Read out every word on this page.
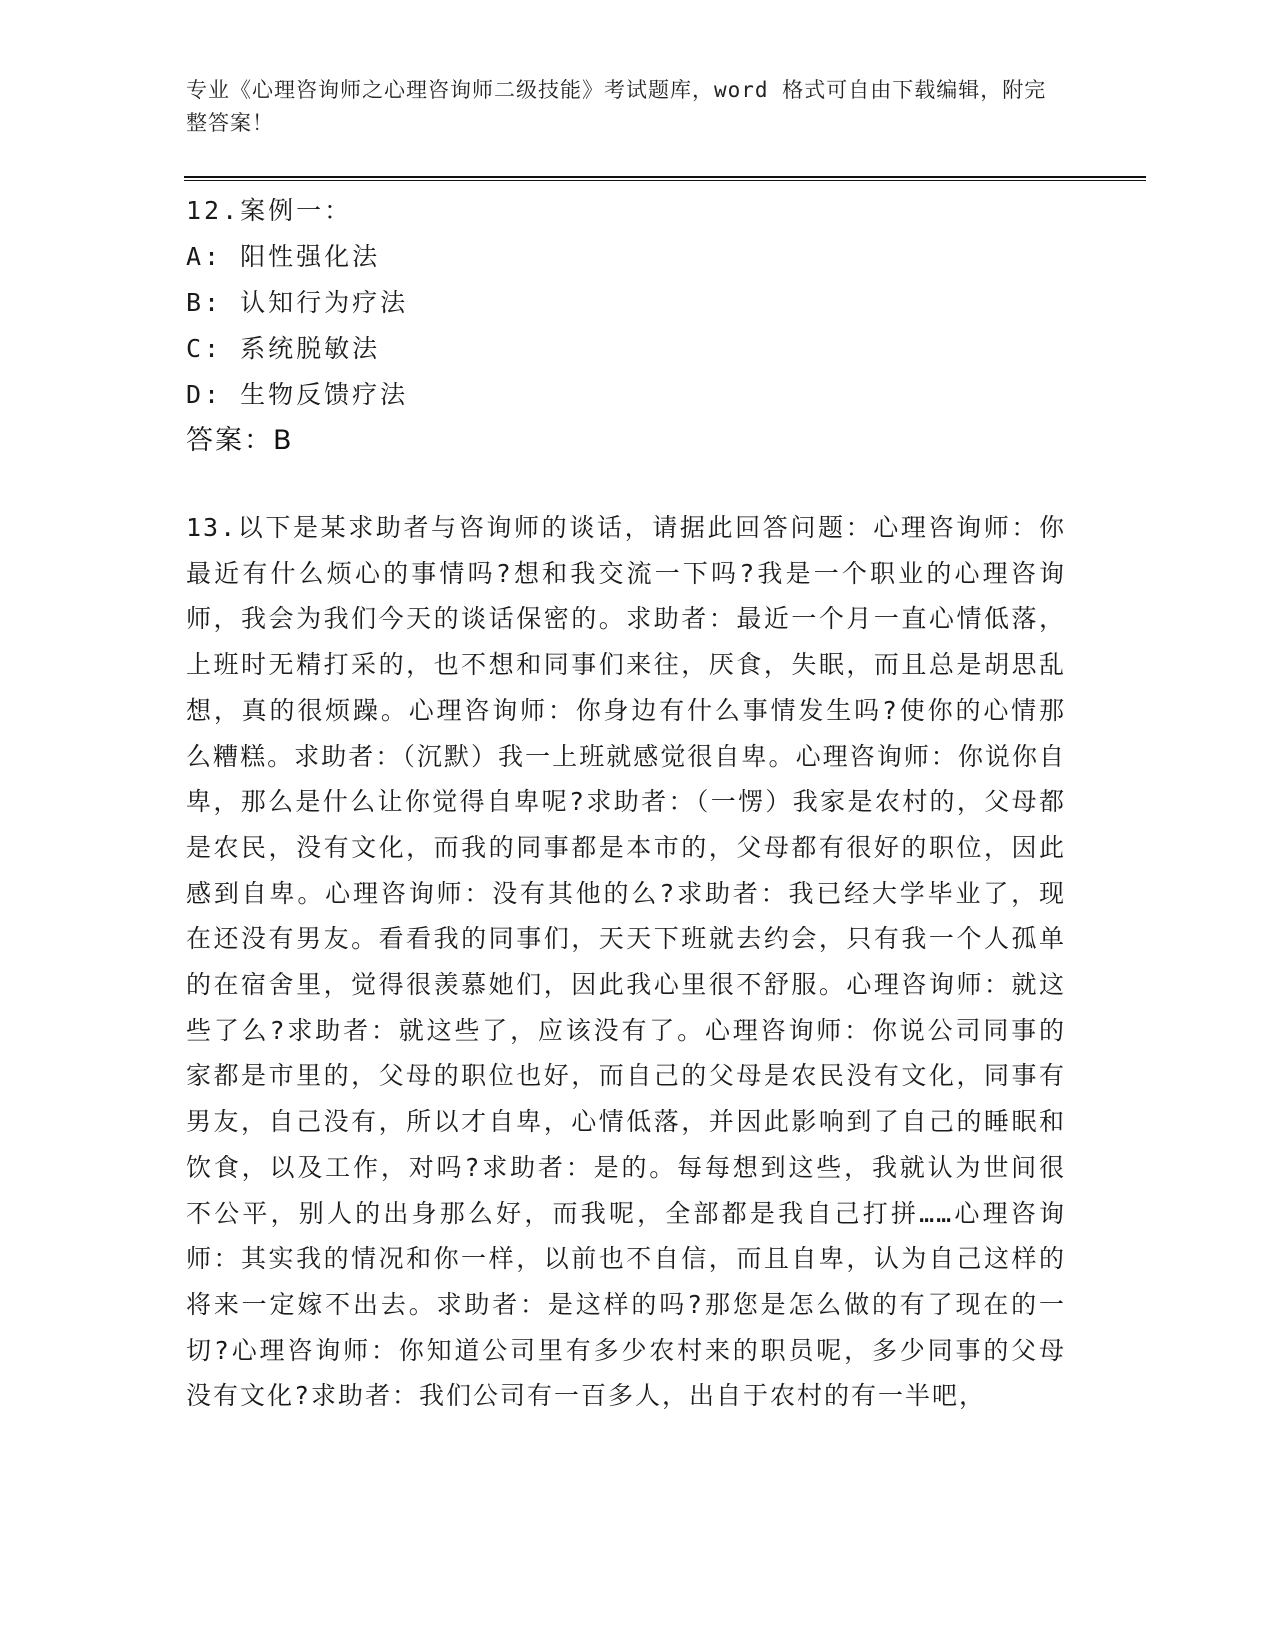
专业《心理咨询师之心理咨询师二级技能》考试题库，word 格式可自由下载编辑，附完整答案！
12.案例一：
A: 阳性强化法
B: 认知行为疗法
C: 系统脱敏法
D: 生物反馈疗法
答案：B

13.以下是某求助者与咨询师的谈话，请据此回答问题：心理咨询师：你最近有什么烦心的事情吗?想和我交流一下吗?我是一个职业的心理咨询师，我会为我们今天的谈话保密的。求助者：最近一个月一直心情低落，上班时无精打采的，也不想和同事们来往，厌食，失眠，而且总是胡思乱想，真的很烦躁。心理咨询师：你身边有什么事情发生吗?使你的心情那么糟糕。求助者：（沉默）我一上班就感觉很自卑。心理咨询师：你说你自卑，那么是什么让你觉得自卑呢?求助者：（一愣）我家是农村的，父母都是农民，没有文化，而我的同事都是本市的，父母都有很好的职位，因此感到自卑。心理咨询师：没有其他的么?求助者：我已经大学毕业了，现在还没有男友。看看我的同事们，天天下班就去约会，只有我一个人孤单的在宿舍里，觉得很羡慕她们，因此我心里很不舒服。心理咨询师：就这些了么?求助者：就这些了，应该没有了。心理咨询师：你说公司同事的家都是市里的，父母的职位也好，而自己的父母是农民没有文化，同事有男友，自己没有，所以才自卑，心情低落，并因此影响到了自己的睡眠和饮食，以及工作，对吗?求助者：是的。每每想到这些，我就认为世间很不公平，别人的出身那么好，而我呢，全部都是我自己打拼……心理咨询师：其实我的情况和你一样，以前也不自信，而且自卑，认为自己这样的将来一定嫁不出去。求助者：是这样的吗?那您是怎么做的有了现在的一切?心理咨询师：你知道公司里有多少农村来的职员呢，多少同事的父母没有文化?求助者：我们公司有一百多人，出自于农村的有一半吧，
